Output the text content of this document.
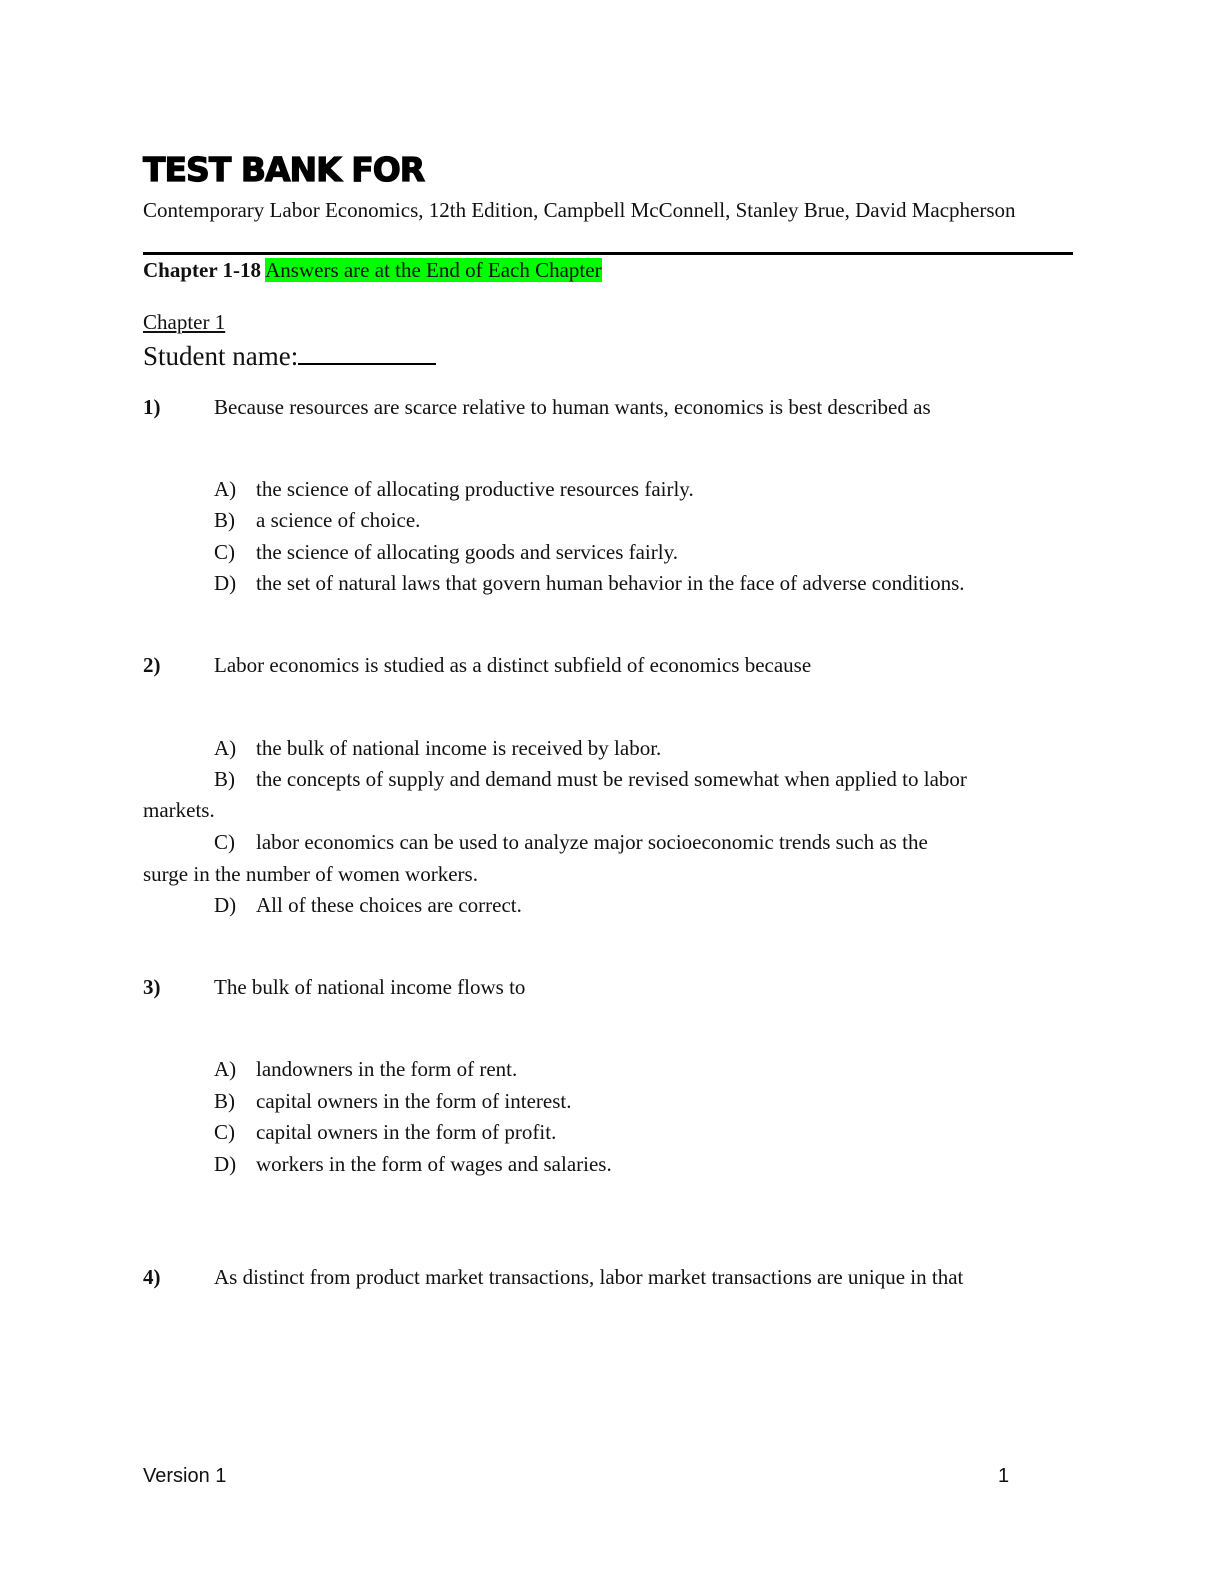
TEST BANK FOR
Contemporary Labor Economics, 12th Edition, Campbell McConnell, Stanley Brue, David Macpherson
Chapter 1-18 Answers are at the End of Each Chapter
Chapter 1
Student name:
1)	Because resources are scarce relative to human wants, economics is best described as
A) the science of allocating productive resources fairly.
B) a science of choice.
C) the science of allocating goods and services fairly.
D) the set of natural laws that govern human behavior in the face of adverse conditions.
2)	Labor economics is studied as a distinct subfield of economics because
A) the bulk of national income is received by labor.
B) the concepts of supply and demand must be revised somewhat when applied to labor
markets.
C) labor economics can be used to analyze major socioeconomic trends such as the
surge in the number of women workers.
D) All of these choices are correct.
3)	The bulk of national income flows to
A) landowners in the form of rent.
B) capital owners in the form of interest.
C) capital owners in the form of profit.
D) workers in the form of wages and salaries.
4)	As distinct from product market transactions, labor market transactions are unique in that
Version 1	1
